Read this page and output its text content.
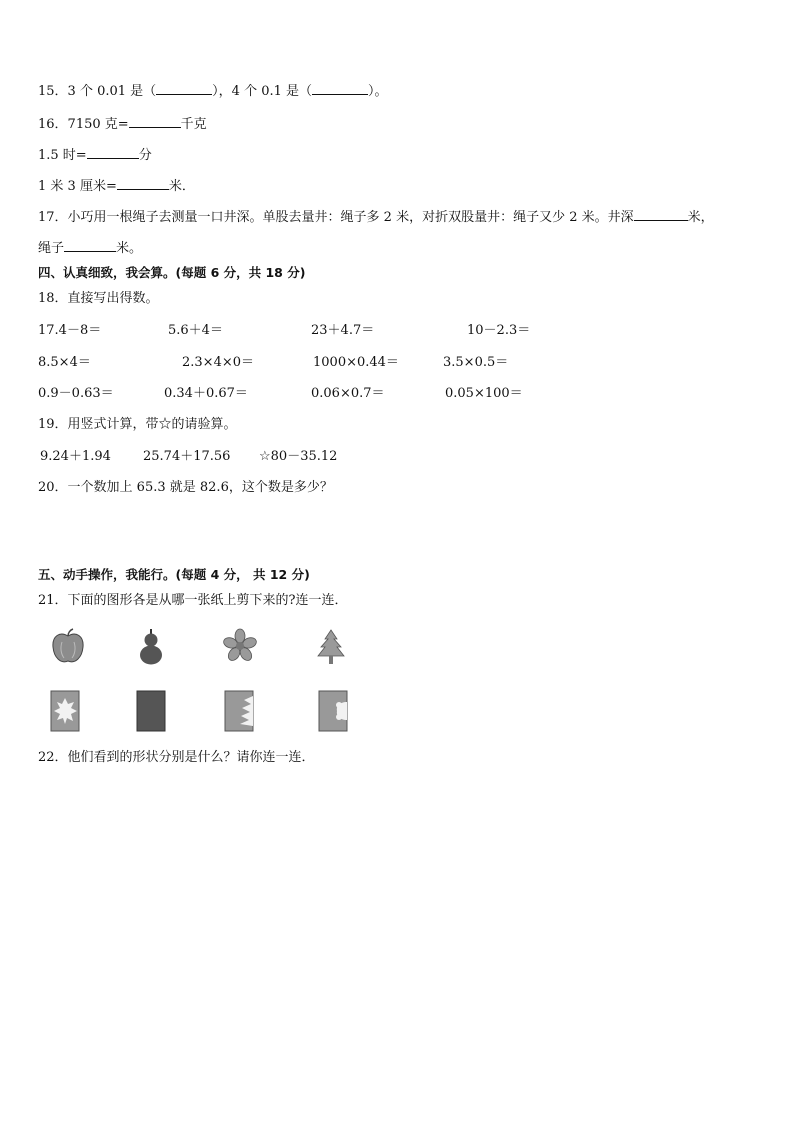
15．3 个 0.01 是（	），4 个 0.1 是（	）。
16．7150 克=	千克
1.5 时=	分
1 米 3 厘米=	米．
17．小巧用一根绳子去测量一口井深。单股去量井：绳子多 2 米，对折双股量井：绳子又少 2 米。井深	米，
绳子	米。
四、认真细致，我会算。(每题 6 分，共 18 分)
18．直接写出得数。
17.4－8＝	5.6＋4＝	23＋4.7＝	10－2.3＝
8.5×4＝	2.3×4×0＝	1000×0.44＝	3.5×0.5＝
0.9－0.63＝	0.34＋0.67＝	0.06×0.7＝	0.05×100＝
19．用竖式计算，带☆的请验算。
9.24＋1.94 25.74＋17.56 ☆80－35.12
20．一个数加上 65.3 就是 82.6，这个数是多少？
五、动手操作，我能行。(每题 4 分， 共 12 分)
21．下面的图形各是从哪一张纸上剪下来的?连一连．
22．他们看到的形状分别是什么？请你连一连．
